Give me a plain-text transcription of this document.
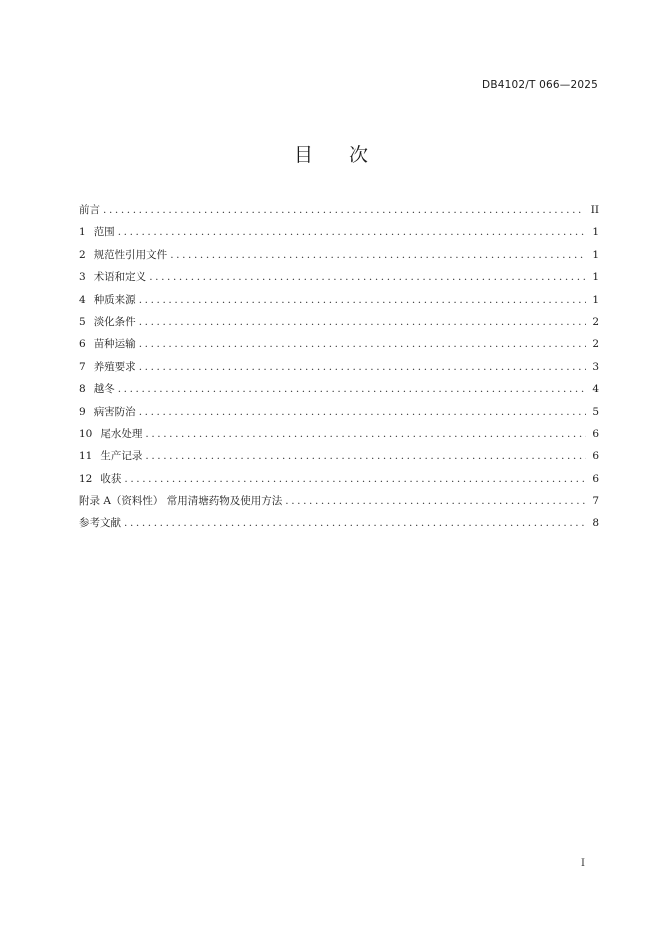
DB4102/T 066—2025
目 次
前言 .....	II
1 范围 .....	1
2 规范性引用文件 .....	1
3 术语和定义 .....	1
4 种质来源 .....	1
5 淡化条件 .....	2
6 苗种运输 .....	2
7 养殖要求 .....	3
8 越冬 .....	4
9 病害防治 .....	5
10 尾水处理 .....	6
11 生产记录 .....	6
12 收获 .....	6
附录 A（资料性） 常用清塘药物及使用方法 .....	7
参考文献 .....	8
I
